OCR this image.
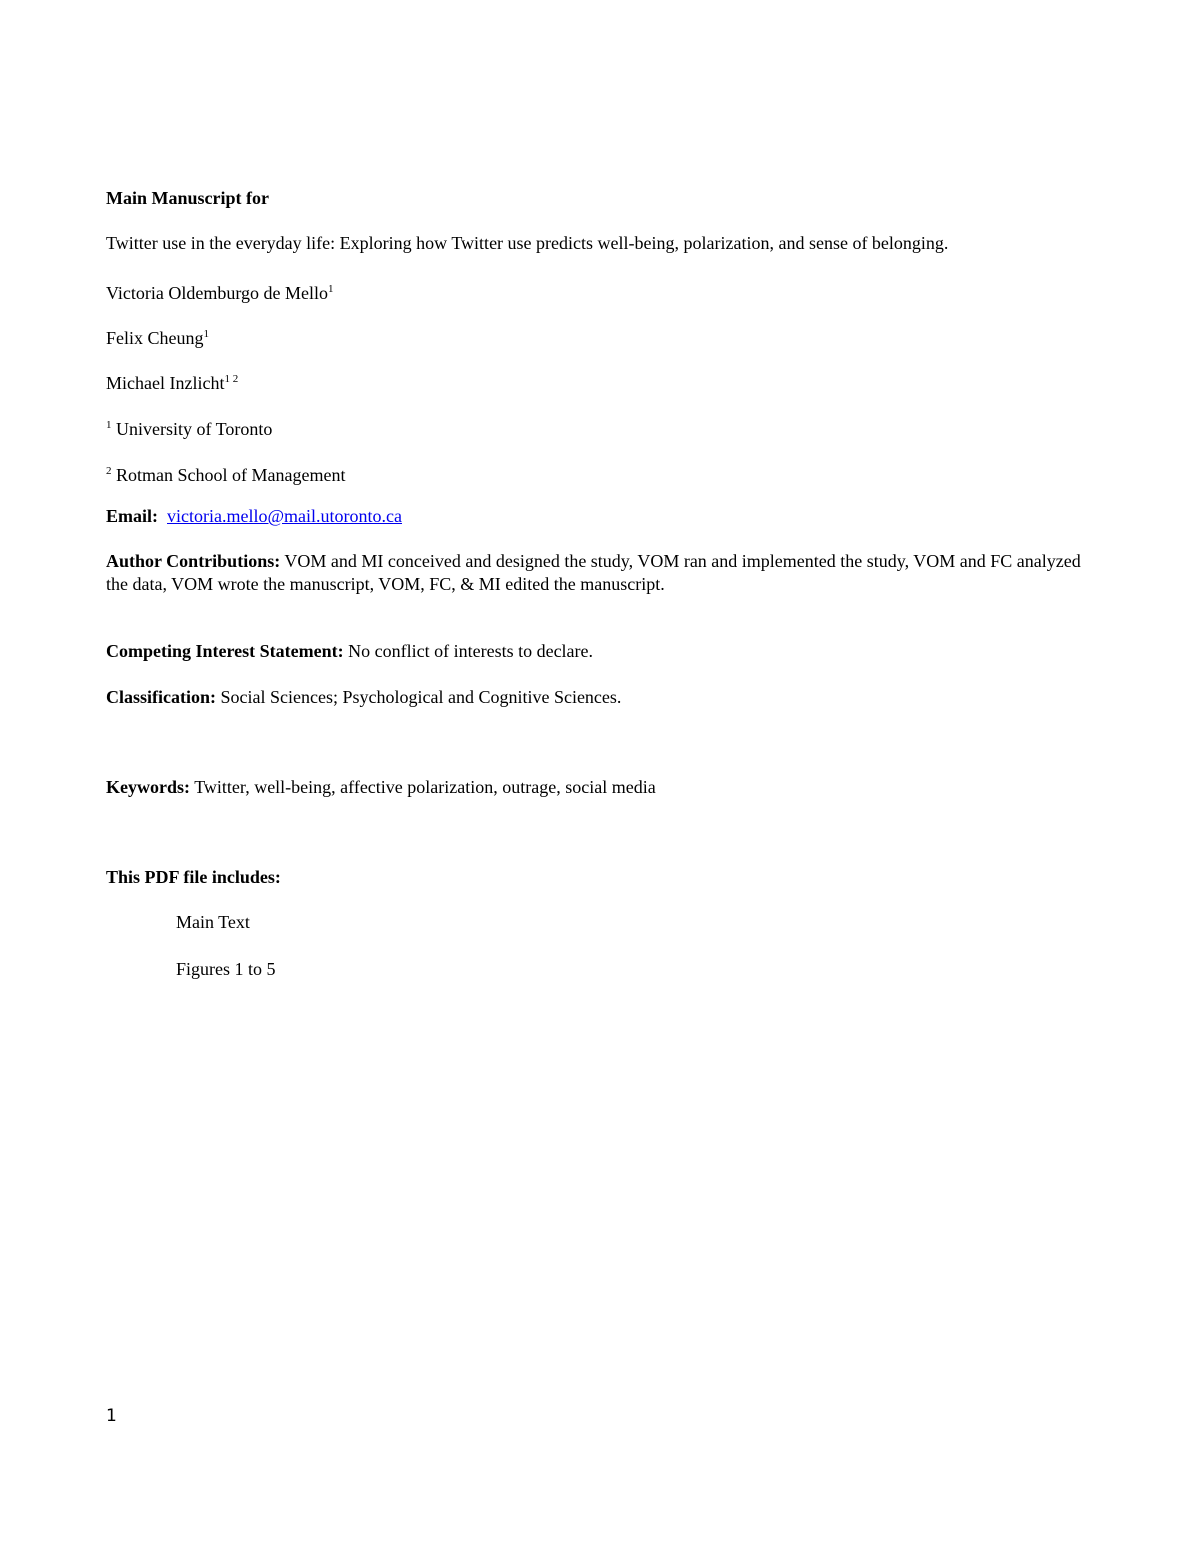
Main Manuscript for
Twitter use in the everyday life: Exploring how Twitter use predicts well-being, polarization, and sense of belonging.
Victoria Oldemburgo de Mello$^1$
Felix Cheung$^1$
Michael Inzlicht$^{1 2}$
$^1$ University of Toronto
$^2$ Rotman School of Management
Email: victoria.mello@mail.utoronto.ca
Author Contributions: VOM and MI conceived and designed the study, VOM ran and implemented the study, VOM and FC analyzed the data, VOM wrote the manuscript, VOM, FC, & MI edited the manuscript.
Competing Interest Statement: No conflict of interests to declare.
Classification: Social Sciences; Psychological and Cognitive Sciences.
Keywords: Twitter, well-being, affective polarization, outrage, social media
This PDF file includes:
Main Text
Figures 1 to 5
1
